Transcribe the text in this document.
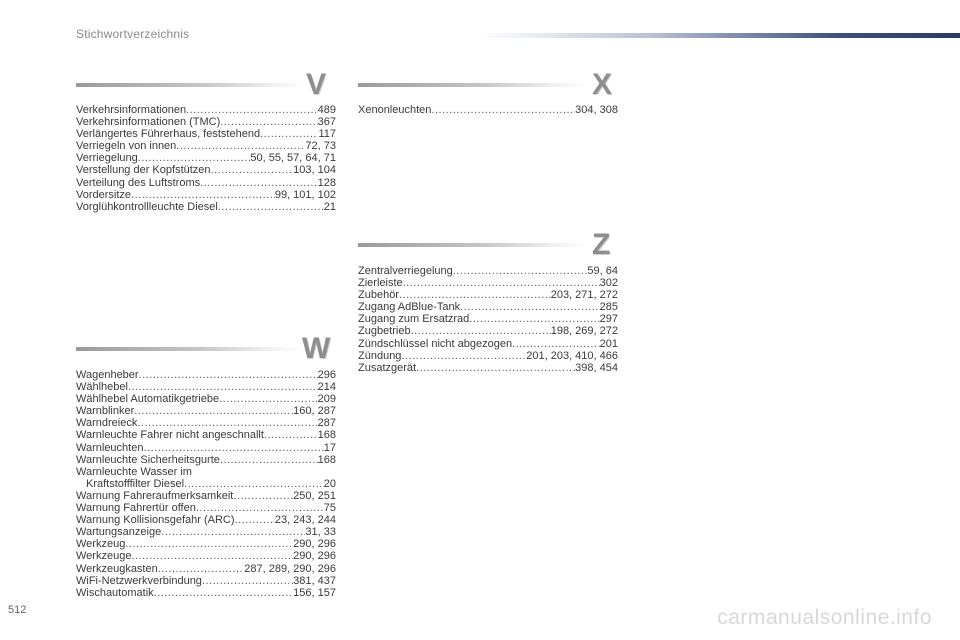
Stichwortverzeichnis
V
Verkehrsinformationen .....	489
Verkehrsinformationen (TMC) .....	367
Verlängertes Führerhaus, feststehend .....	117
Verriegeln von innen .....	72, 73
Verriegelung .....	50, 55, 57, 64, 71
Verstellung der Kopfstützen .....	103, 104
Verteilung des Luftstroms .....	128
Vordersitze .....	99, 101, 102
Vorglühkontrollleuchte Diesel .....	21
W
Wagenheber .....	296
Wählhebel .....	214
Wählhebel Automatikgetriebe .....	209
Warnblinker .....	160, 287
Warndreieck .....	287
Warnleuchte Fahrer nicht angeschnallt .....	168
Warnleuchten .....	17
Warnleuchte Sicherheitsgurte .....	168
Warnleuchte Wasser im
Kraftstofffilter Diesel .....	20
Warnung Fahreraufmerksamkeit .....	250, 251
Warnung Fahrertür offen .....	75
Warnung Kollisionsgefahr (ARC) .....	23, 243, 244
Wartungsanzeige .....	31, 33
Werkzeug .....	290, 296
Werkzeuge .....	290, 296
Werkzeugkasten .....	287, 289, 290, 296
WiFi-Netzwerkverbindung .....	381, 437
Wischautomatik .....	156, 157
X
Xenonleuchten .....	304, 308
Z
Zentralverriegelung .....	59, 64
Zierleiste .....	302
Zubehör .....	203, 271, 272
Zugang AdBlue-Tank .....	285
Zugang zum Ersatzrad .....	297
Zugbetrieb .....	198, 269, 272
Zündschlüssel nicht abgezogen .....	201
Zündung .....	201, 203, 410, 466
Zusatzgerät .....	398, 454
512	carmanualsonline.info
